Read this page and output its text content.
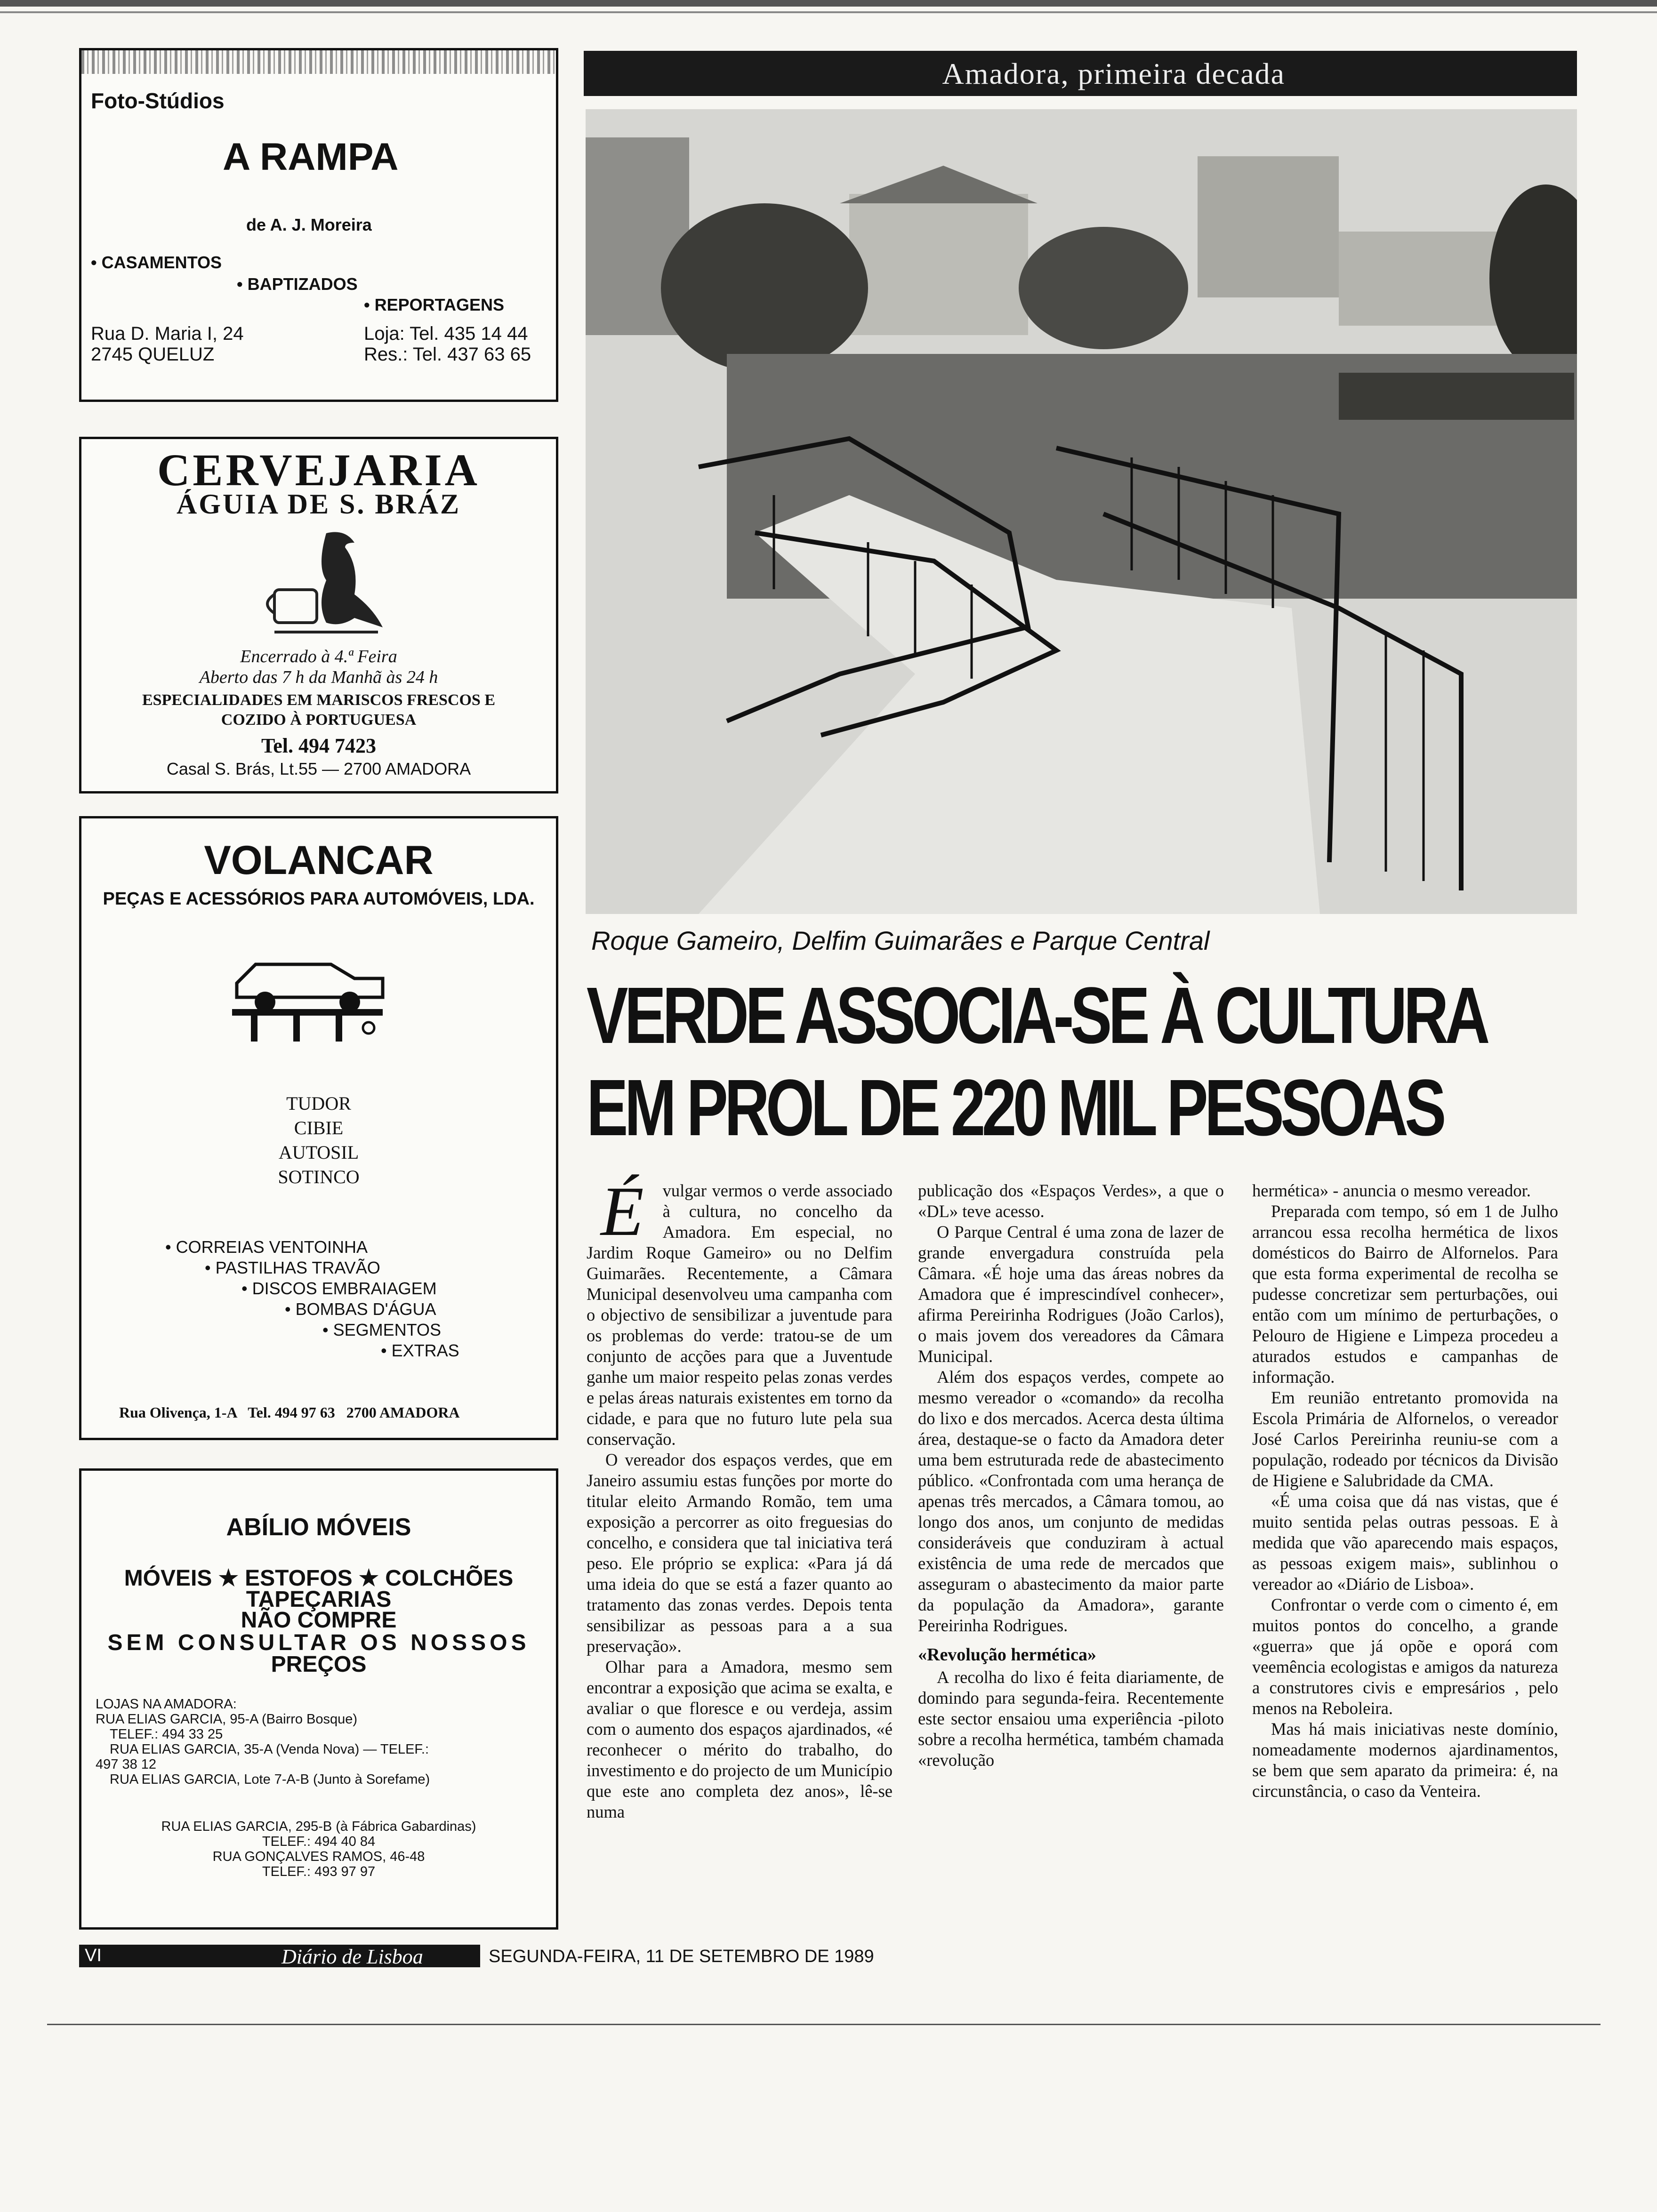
Foto-Stúdios
A RAMPA
de A. J. Moreira
• CASAMENTOS
• BAPTIZADOS
• REPORTAGENS
Rua D. Maria I, 24
2745 QUELUZ
Loja: Tel. 435 14 44
Res.: Tel. 437 63 65
CERVEJARIA
ÁGUIA DE S. BRÁZ
Encerrado à 4.ª Feira
Aberto das 7 h da Manhã às 24 h
ESPECIALIDADES EM MARISCOS FRESCOS E
COZIDO À PORTUGUESA
Tel. 494 7423
Casal S. Brás, Lt.55 — 2700 AMADORA
VOLANCAR
PEÇAS E ACESSÓRIOS PARA AUTOMÓVEIS, LDA.
TUDOR
CIBIE
AUTOSIL
SOTINCO
• CORREIAS VENTOINHA
• PASTILHAS TRAVÃO
• DISCOS EMBRAIAGEM
• BOMBAS D'ÁGUA
• SEGMENTOS
• EXTRAS
Rua Olivença, 1-A   Tel. 494 97 63   2700 AMADORA
ABÍLIO MÓVEIS
MÓVEIS ★ ESTOFOS ★ COLCHÕES
TAPEÇARIAS
NÃO COMPRE
SEM CONSULTAR OS NOSSOS
PREÇOS
LOJAS NA AMADORA:
RUA ELIAS GARCIA, 95-A (Bairro Bosque)
TELEF.: 494 33 25
RUA ELIAS GARCIA, 35-A (Venda Nova) — TELEF.:
497 38 12
RUA ELIAS GARCIA, Lote 7-A-B (Junto à Sorefame)
RUA ELIAS GARCIA, 295-B (à Fábrica Gabardinas)
TELEF.: 494 40 84
RUA GONÇALVES RAMOS, 46-48
TELEF.: 493 97 97
Amadora, primeira decada
Roque Gameiro, Delfim Guimarães e Parque Central
VERDE ASSOCIA-SE À CULTURA
EM PROL DE 220 MIL PESSOAS

É vulgar vermos o verde associado à cultura, no concelho da Amadora. Em especial, no Jardim Roque Gameiro» ou no Delfim Guimarães. Recentemente, a Câmara Municipal desenvolveu uma campanha com o objectivo de sensibilizar a juventude para os problemas do verde: tratou-se de um conjunto de acções para que a Juventude ganhe um maior respeito pelas zonas verdes e pelas áreas naturais existentes em torno da cidade, e para que no futuro lute pela sua conservação.

O vereador dos espaços verdes, que em Janeiro assumiu estas funções por morte do titular eleito Armando Romão, tem uma exposição a percorrer as oito freguesias do concelho, e considera que tal iniciativa terá peso. Ele próprio se explica: «Para já dá uma ideia do que se está a fazer quanto ao tratamento das zonas verdes. Depois tenta sensibilizar as pessoas para a a sua preservação».

Olhar para a Amadora, mesmo sem encontrar a exposição que acima se exalta, e avaliar o que floresce e ou verdeja, assim com o aumento dos espaços ajardinados, «é reconhecer o mérito do trabalho, do investimento e do projecto de um Município que este ano completa dez anos», lê-se numa

publicação dos «Espaços Verdes», a que o «DL» teve acesso.

O Parque Central é uma zona de lazer de grande envergadura construída pela Câmara. «É hoje uma das áreas nobres da Amadora que é imprescindível conhecer», afirma Pereirinha Rodrigues (João Carlos), o mais jovem dos vereadores da Câmara Municipal.

Além dos espaços verdes, compete ao mesmo vereador o «comando» da recolha do lixo e dos mercados. Acerca desta última área, destaque-se o facto da Amadora deter uma bem estruturada rede de abastecimento público. «Confrontada com uma herança de apenas três mercados, a Câmara tomou, ao longo dos anos, um conjunto de medidas consideráveis que conduziram à actual existência de uma rede de mercados que asseguram o abastecimento da maior parte da população da Amadora», garante Pereirinha Rodrigues.

«Revolução hermética»

A recolha do lixo é feita diariamente, de domindo para segunda-feira. Recentemente este sector ensaiou uma experiência -piloto sobre a recolha hermética, também chamada «revolução

hermética» - anuncia o mesmo vereador.

Preparada com tempo, só em 1 de Julho arrancou essa recolha hermética de lixos domésticos do Bairro de Alfornelos. Para que esta forma experimental de recolha se pudesse concretizar sem perturbações, oui então com um mínimo de perturbações, o Pelouro de Higiene e Limpeza procedeu a aturados estudos e campanhas de informação.

Em reunião entretanto promovida na Escola Primária de Alfornelos, o vereador José Carlos Pereirinha reuniu-se com a população, rodeado por técnicos da Divisão de Higiene e Salubridade da CMA.

«É uma coisa que dá nas vistas, que é muito sentida pelas outras pessoas. E à medida que vão aparecendo mais espaços, as pessoas exigem mais», sublinhou o vereador ao «Diário de Lisboa».

Confrontar o verde com o cimento é, em muitos pontos do concelho, a grande «guerra» que já opõe e oporá com veemência ecologistas e amigos da natureza a construtores civis e empresários , pelo menos na Reboleira.

Mas há mais iniciativas neste domínio, nomeadamente modernos ajardinamentos, se bem que sem aparato da primeira: é, na circunstância, o caso da Venteira.

VI	Diário de Lisboa	SEGUNDA-FEIRA, 11 DE SETEMBRO DE 1989
